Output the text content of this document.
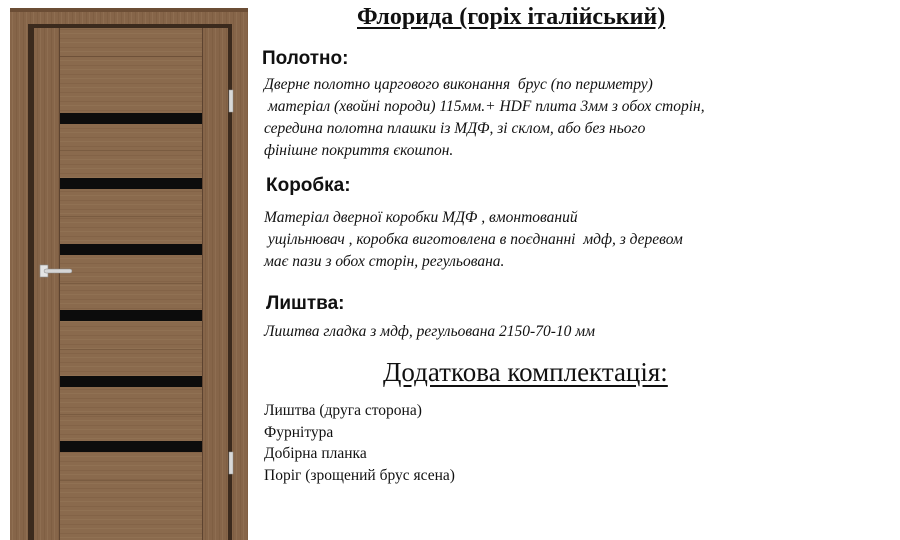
Флорида (горіх італійський)
Полотно:
Дверне полотно царгового виконання  брус (по периметру)
матеріал (хвойні породи) 115мм.+ HDF плита 3мм з обох сторін,
середина полотна плашки із МДФ, зі склом, або без нього
фінішне покриття єкошпон.
Коробка:
Матеріал дверної коробки МДФ , вмонтований
ущільнювач , коробка виготовлена в поєднанні  мдф, з деревом
має пази з обох сторін, регульована.
Лиштва:
Лиштва гладка з мдф, регульована 2150-70-10 мм
Додаткова комплектація:
Лиштва (друга сторона)
Фурнітура
Добірна планка
Поріг (зрощений брус ясена)
